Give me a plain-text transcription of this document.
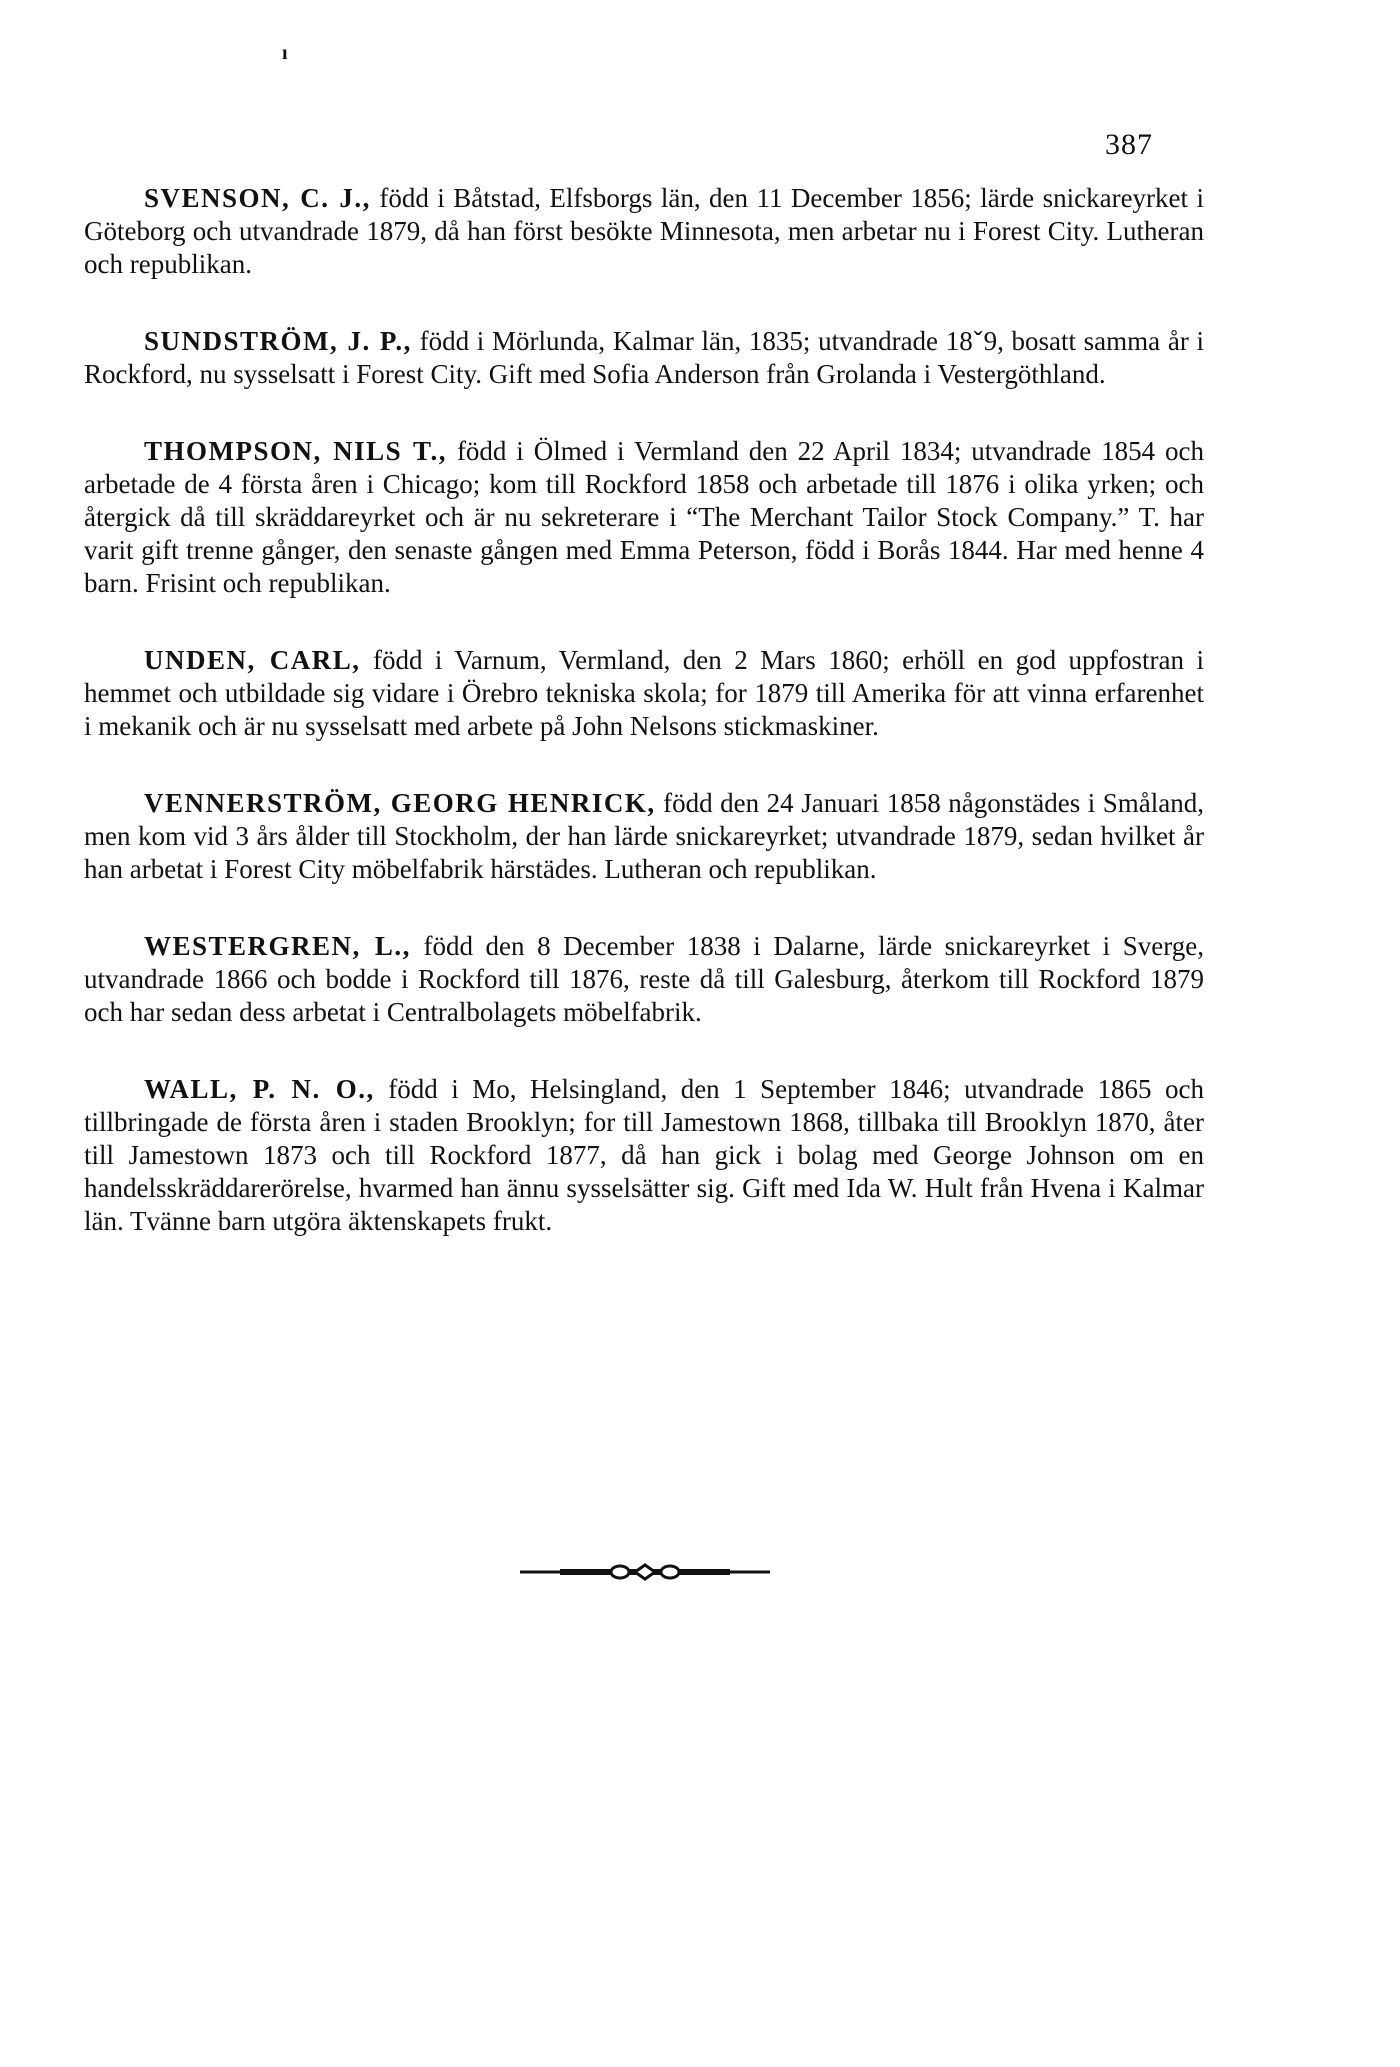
ı
387

SVENSON, C. J., född i Båtstad, Elfsborgs län, den 11 December 1856; lärde snickareyrket i Göteborg och utvandrade 1879, då han först besökte Minnesota, men arbetar nu i Forest City. Lutheran och republikan.

SUNDSTRÖM, J. P., född i Mörlunda, Kalmar län, 1835; utvandrade 18ˇ9, bosatt samma år i Rockford, nu sysselsatt i Forest City. Gift med Sofia Anderson från Grolanda i Vestergöthland.

THOMPSON, NILS T., född i Ölmed i Vermland den 22 April 1834; utvandrade 1854 och arbetade de 4 första åren i Chicago; kom till Rockford 1858 och arbetade till 1876 i olika yrken; och återgick då till skräddareyrket och är nu sekreterare i “The Merchant Tailor Stock Company.” T. har varit gift trenne gånger, den senaste gången med Emma Peterson, född i Borås 1844. Har med henne 4 barn. Frisint och republikan.

UNDEN, CARL, född i Varnum, Vermland, den 2 Mars 1860; erhöll en god uppfostran i hemmet och utbildade sig vidare i Örebro tekniska skola; for 1879 till Amerika för att vinna erfarenhet i mekanik och är nu sysselsatt med arbete på John Nelsons stickmaskiner.

VENNERSTRÖM, GEORG HENRICK, född den 24 Januari 1858 någonstädes i Småland, men kom vid 3 års ålder till Stockholm, der han lärde snickareyrket; utvandrade 1879, sedan hvilket år han arbetat i Forest City möbelfabrik härstädes. Lutheran och republikan.

WESTERGREN, L., född den 8 December 1838 i Dalarne, lärde snickareyrket i Sverge, utvandrade 1866 och bodde i Rockford till 1876, reste då till Galesburg, återkom till Rockford 1879 och har sedan dess arbetat i Centralbolagets möbelfabrik.

WALL, P. N. O., född i Mo, Helsingland, den 1 September 1846; utvandrade 1865 och tillbringade de första åren i staden Brooklyn; for till Jamestown 1868, tillbaka till Brooklyn 1870, åter till Jamestown 1873 och till Rockford 1877, då han gick i bolag med George Johnson om en handelsskräddarerörelse, hvarmed han ännu sysselsätter sig. Gift med Ida W. Hult från Hvena i Kalmar län. Tvänne barn utgöra äktenskapets frukt.
